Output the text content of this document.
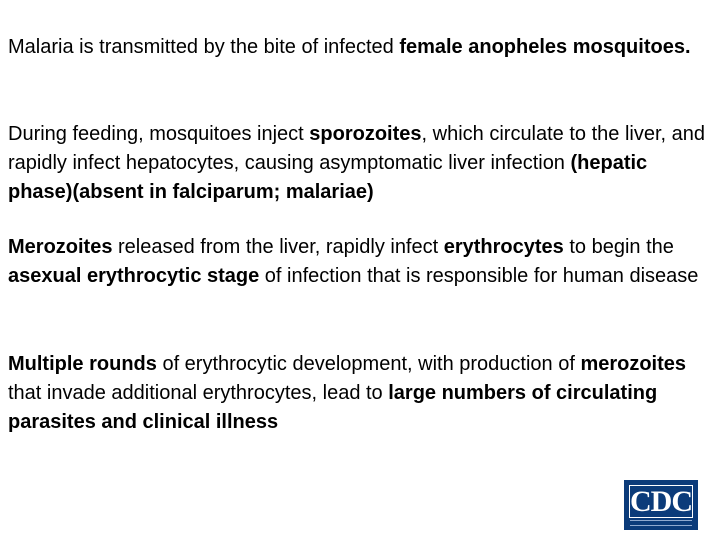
Malaria is transmitted by the bite of infected female anopheles mosquitoes.

During feeding, mosquitoes inject sporozoites, which circulate to the liver, and rapidly infect hepatocytes, causing asymptomatic liver infection (hepatic phase)(absent in falciparum; malariae)

Merozoites released from the liver, rapidly infect erythrocytes to begin the asexual erythrocytic stage of infection that is responsible for human disease

Multiple rounds of erythrocytic development, with production of merozoites that invade additional erythrocytes, lead to large numbers of circulating parasites and clinical illness

CDC
